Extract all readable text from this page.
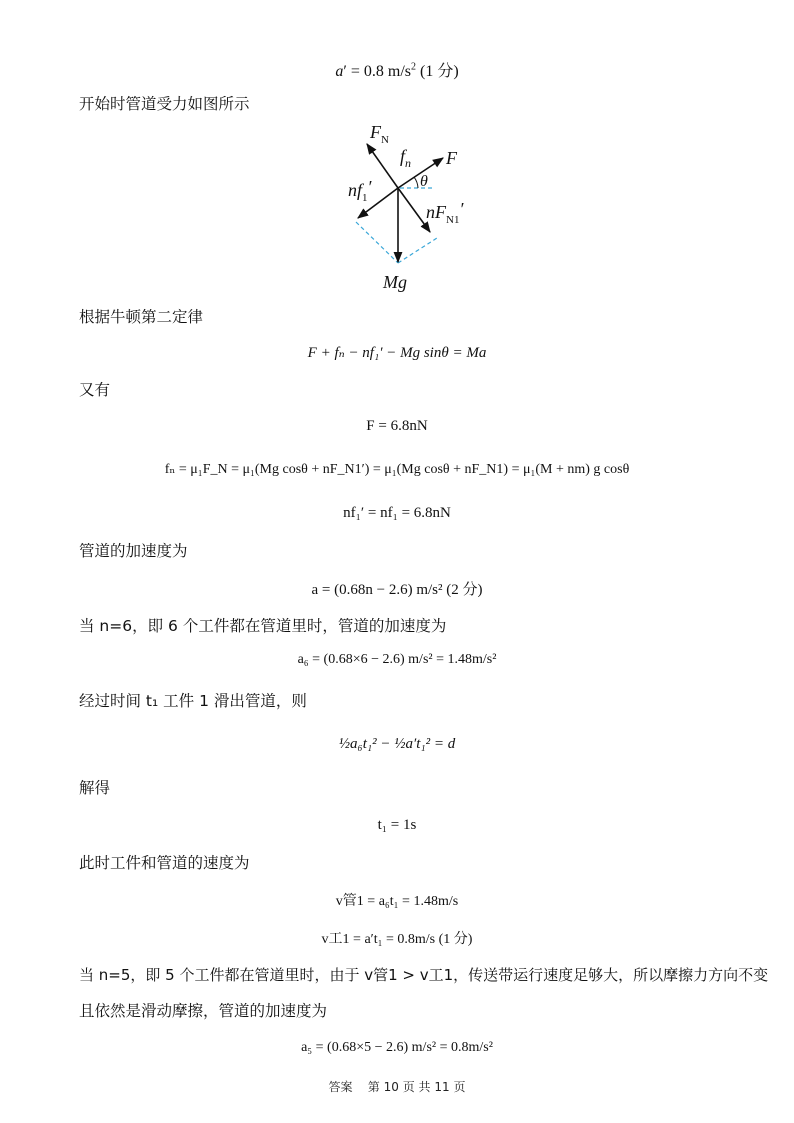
a′ = 0.8 $m/s^2$ (1 分)
开始时管道受力如图所示
$F_N$
$f_n$ F
θ
$nf_1'$
$nF_{N1}'$
Mg
根据牛顿第二定律
F + fₙ − nf₁′ − Mg sinθ = Ma
又有
F = 6.8nN
fₙ = μ₁F_N = μ₁(Mg cosθ + nF_N1′) = μ₁(Mg cosθ + nF_N1) = μ₁(M + nm) g cosθ
nf₁′ = nf₁ = 6.8nN
管道的加速度为
a = (0.68n − 2.6) m/s² (2 分)
当 n=6，即 6 个工件都在管道里时，管道的加速度为
a₆ = (0.68×6 − 2.6) m/s² = 1.48m/s²
经过时间 t₁ 工件 1 滑出管道，则
½a₆t₁² − ½a′t₁² = d
解得
t₁ = 1s
此时工件和管道的速度为
v管1 = a₆t₁ = 1.48m/s
v工1 = a′t₁ = 0.8m/s (1 分)
当 n=5，即 5 个工件都在管道里时，由于 v管1 > v工1，传送带运行速度足够大，所以摩擦力方向不变
且依然是滑动摩擦，管道的加速度为
a₅ = (0.68×5 − 2.6) m/s² = 0.8m/s²
答案 第 10 页 共 11 页
